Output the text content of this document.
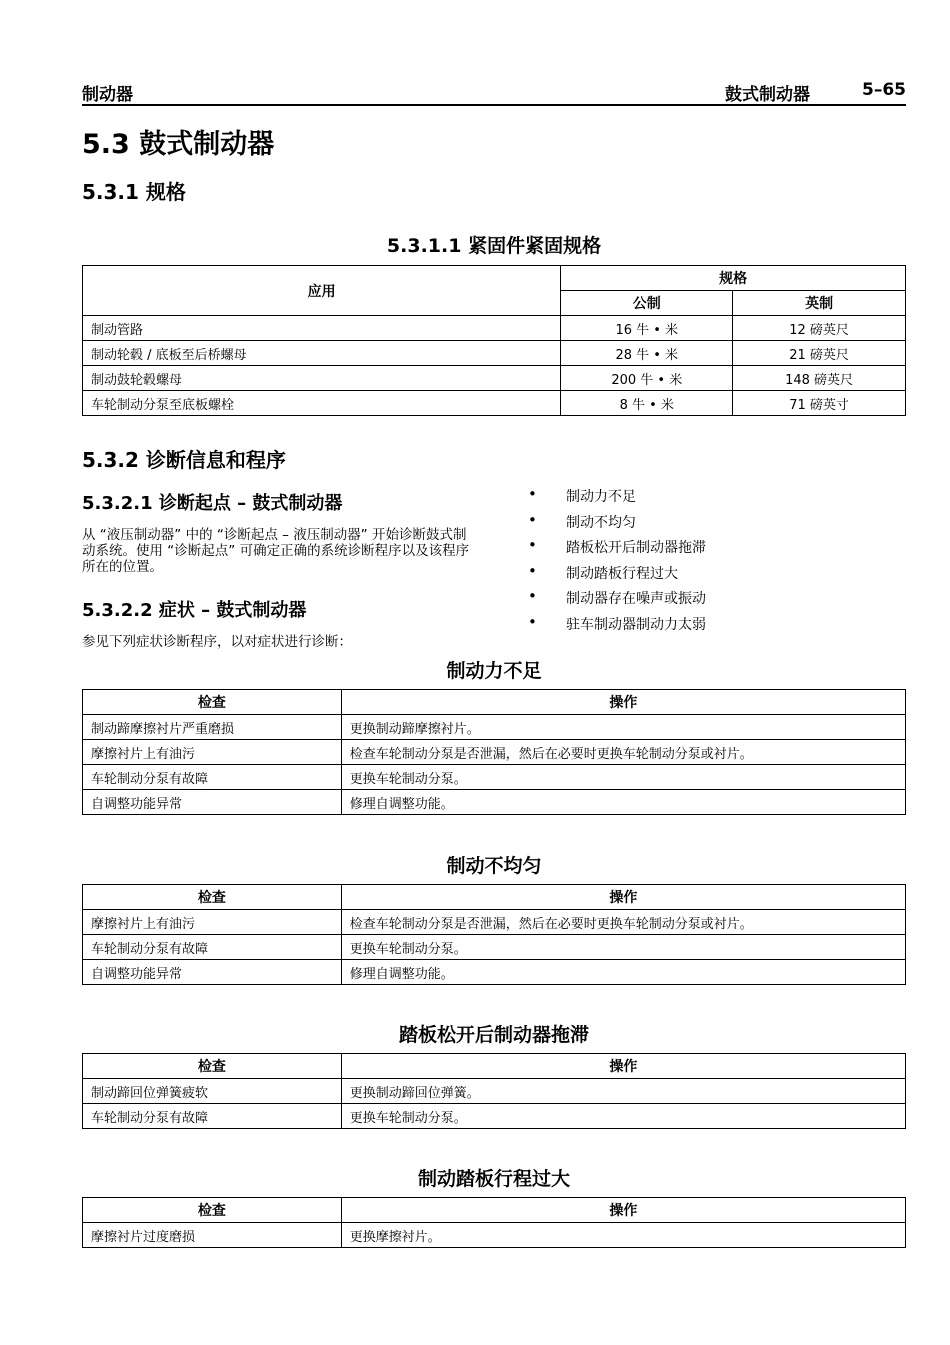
制动器	鼓式制动器	5–65
5.3 鼓式制动器
5.3.1 规格
5.3.1.1 紧固件紧固规格
应用	规格	
	公制	英制
制动管路	16 牛 • 米	12 磅英尺
制动轮毂 / 底板至后桥螺母	28 牛 • 米	21 磅英尺
制动鼓轮毂螺母	200 牛 • 米	148 磅英尺
车轮制动分泵至底板螺栓	8 牛 • 米	71 磅英寸
5.3.2 诊断信息和程序
5.3.2.1 诊断起点 – 鼓式制动器
从 “液压制动器” 中的 “诊断起点 – 液压制动器” 开始诊断鼓式制动系统。使用 “诊断起点” 可确定正确的系统诊断程序以及该程序所在的位置。
5.3.2.2 症状 – 鼓式制动器
参见下列症状诊断程序，以对症状进行诊断：
• 制动力不足
• 制动不均匀
• 踏板松开后制动器拖滞
• 制动踏板行程过大
• 制动器存在噪声或振动
• 驻车制动器制动力太弱
制动力不足
检查	操作
制动蹄摩擦衬片严重磨损	更换制动蹄摩擦衬片。
摩擦衬片上有油污	检查车轮制动分泵是否泄漏，然后在必要时更换车轮制动分泵或衬片。
车轮制动分泵有故障	更换车轮制动分泵。
自调整功能异常	修理自调整功能。
制动不均匀
检查	操作
摩擦衬片上有油污	检查车轮制动分泵是否泄漏，然后在必要时更换车轮制动分泵或衬片。
车轮制动分泵有故障	更换车轮制动分泵。
自调整功能异常	修理自调整功能。
踏板松开后制动器拖滞
检查	操作
制动蹄回位弹簧疲软	更换制动蹄回位弹簧。
车轮制动分泵有故障	更换车轮制动分泵。
制动踏板行程过大
检查	操作
摩擦衬片过度磨损	更换摩擦衬片。
